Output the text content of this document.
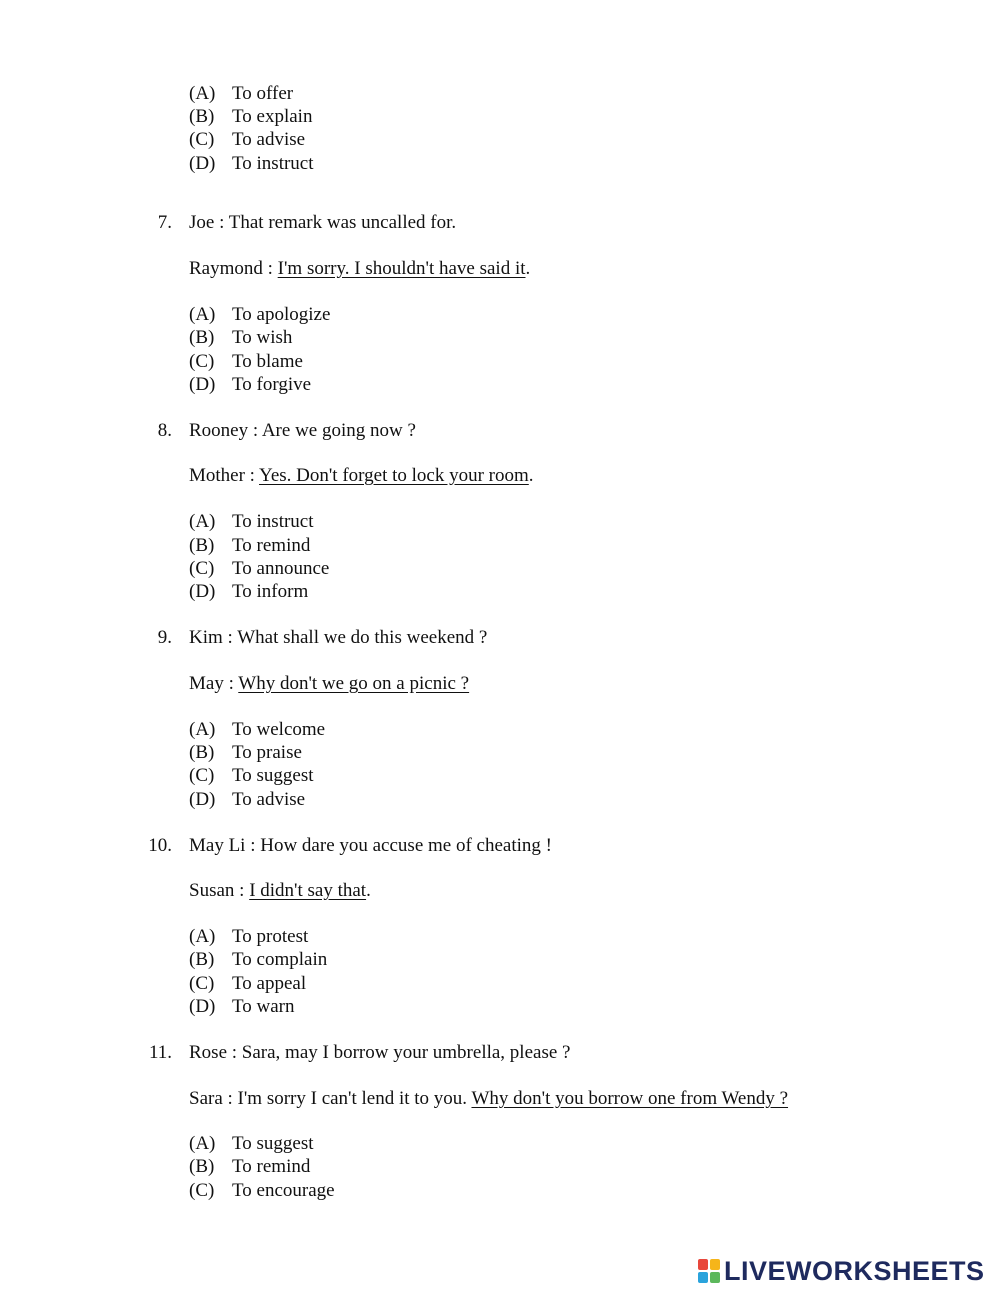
(A) To offer
(B) To explain
(C) To advise
(D) To instruct
7. Joe : That remark was uncalled for.
Raymond : I'm sorry. I shouldn't have said it.
(A) To apologize
(B) To wish
(C) To blame
(D) To forgive
8. Rooney : Are we going now ?
Mother : Yes. Don't forget to lock your room.
(A) To instruct
(B) To remind
(C) To announce
(D) To inform
9. Kim : What shall we do this weekend ?
May : Why don't we go on a picnic ?
(A) To welcome
(B) To praise
(C) To suggest
(D) To advise
10. May Li : How dare you accuse me of cheating !
Susan : I didn't say that.
(A) To protest
(B) To complain
(C) To appeal
(D) To warn
11. Rose : Sara, may I borrow your umbrella, please ?
Sara : I'm sorry I can't lend it to you. Why don't you borrow one from Wendy ?
(A) To suggest
(B) To remind
(C) To encourage
LIVEWORKSHEETS
